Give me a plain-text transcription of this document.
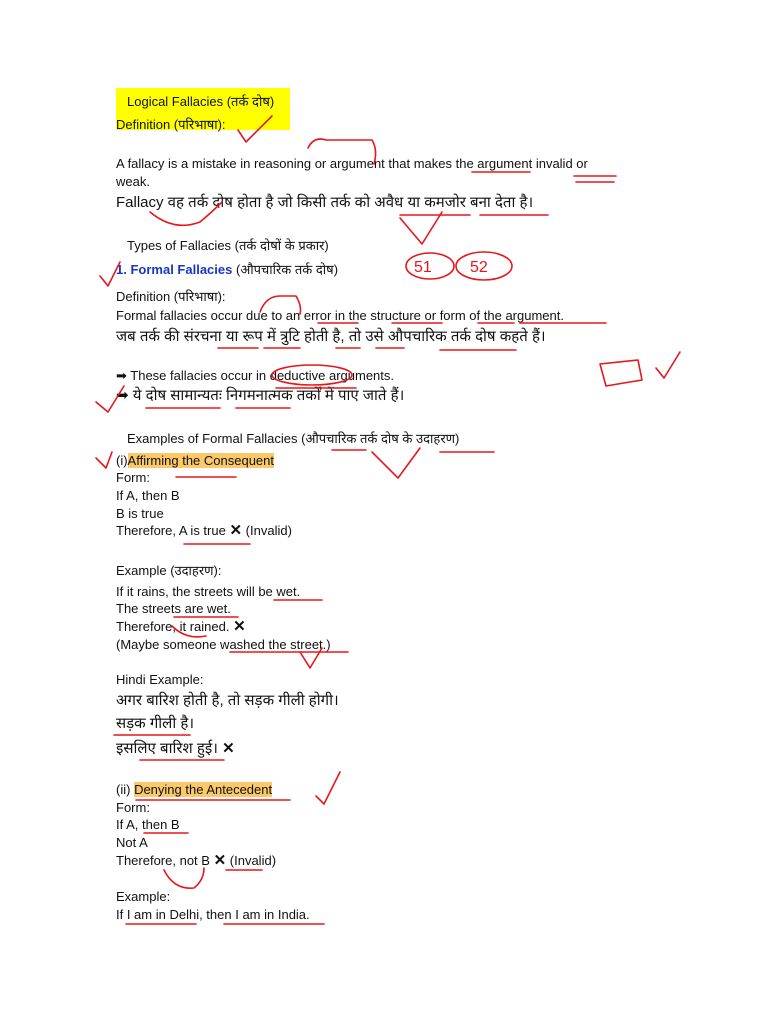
Logical Fallacies (तर्क दोष)
Definition (परिभाषा):
A fallacy is a mistake in reasoning or argument that makes the argument invalid or
weak.
Fallacy वह तर्क दोष होता है जो किसी तर्क को अवैध या कमजोर बना देता है।
Types of Fallacies (तर्क दोषों के प्रकार)
1. Formal Fallacies (औपचारिक तर्क दोष)
Definition (परिभाषा):
Formal fallacies occur due to an error in the structure or form of the argument.
जब तर्क की संरचना या रूप में त्रुटि होती है, तो उसे औपचारिक तर्क दोष कहते हैं।
➡ These fallacies occur in deductive arguments.
➡ ये दोष सामान्यतः निगमनात्मक तर्कों में पाए जाते हैं।
Examples of Formal Fallacies (औपचारिक तर्क दोष के उदाहरण)
(i)Affirming the Consequent
Form:
If A, then B
B is true
Therefore, A is true ✕ (Invalid)
Example (उदाहरण):
If it rains, the streets will be wet.
The streets are wet.
Therefore, it rained. ✕
(Maybe someone washed the street.)
Hindi Example:
अगर बारिश होती है, तो सड़क गीली होगी।
सड़क गीली है।
इसलिए बारिश हुई। ✕
(ii) Denying the Antecedent
Form:
If A, then B
Not A
Therefore, not B ✕ (Invalid)
Example:
If I am in Delhi, then I am in India.
51 52
